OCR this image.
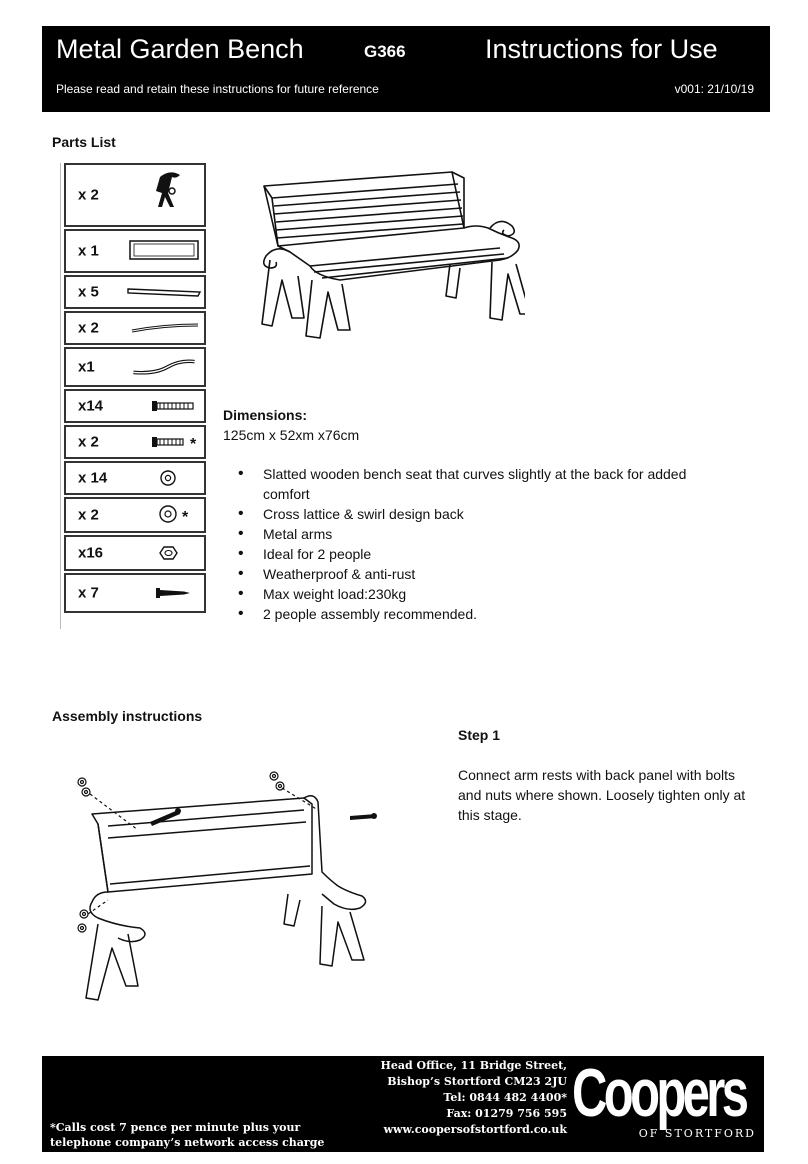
Metal Garden Bench	G366	Instructions for Use
Please read and retain these instructions for future reference	v001: 21/10/19
Parts List
x 2
x 1
x 5
x 2
x1
x14
x 2	*
x 14
x 2	*
x16
x 7
Dimensions:
125cm x 52xm x76cm
• Slatted wooden bench seat that curves slightly at the back for added comfort
• Cross lattice & swirl design back
• Metal arms
• Ideal for 2 people
• Weatherproof & anti-rust
• Max weight load:230kg
• 2 people assembly recommended.
Assembly instructions
Step 1
Connect arm rests with back panel with bolts and nuts where shown. Loosely tighten only at this stage.
Head Office, 11 Bridge Street,
Bishop’s Stortford CM23 2JU
Tel: 0844 482 4400*
Fax: 01279 756 595
www.coopersofstortford.co.uk
*Calls cost 7 pence per minute plus your
telephone company’s network access charge
Coopers
OF STORTFORD
